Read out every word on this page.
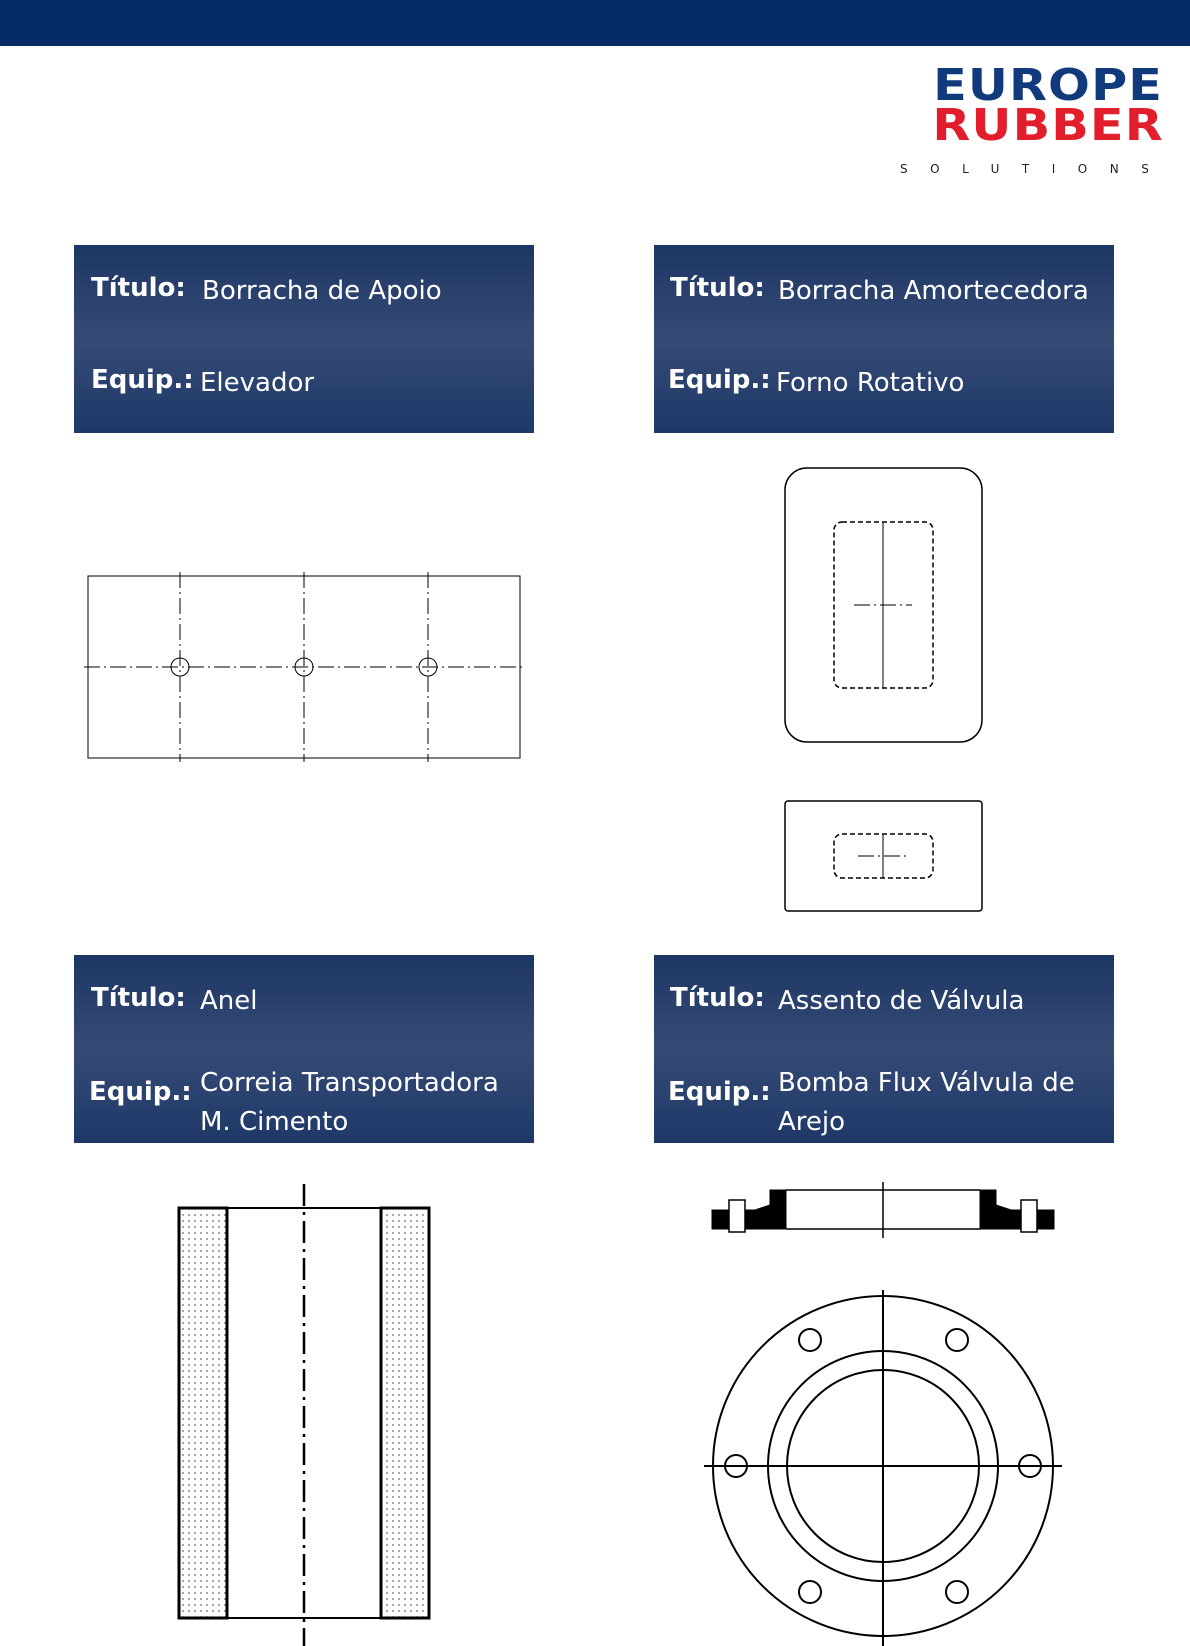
EUROPE
RUBBER
SOLUTIONS
Título: Borracha de Apoio
Equip.: Elevador
Título: Borracha Amortecedora
Equip.: Forno Rotativo
Título: Anel
Equip.: Correia Transportadora
M. Cimento
Título: Assento de Válvula
Equip.: Bomba Flux Válvula de
Arejo
